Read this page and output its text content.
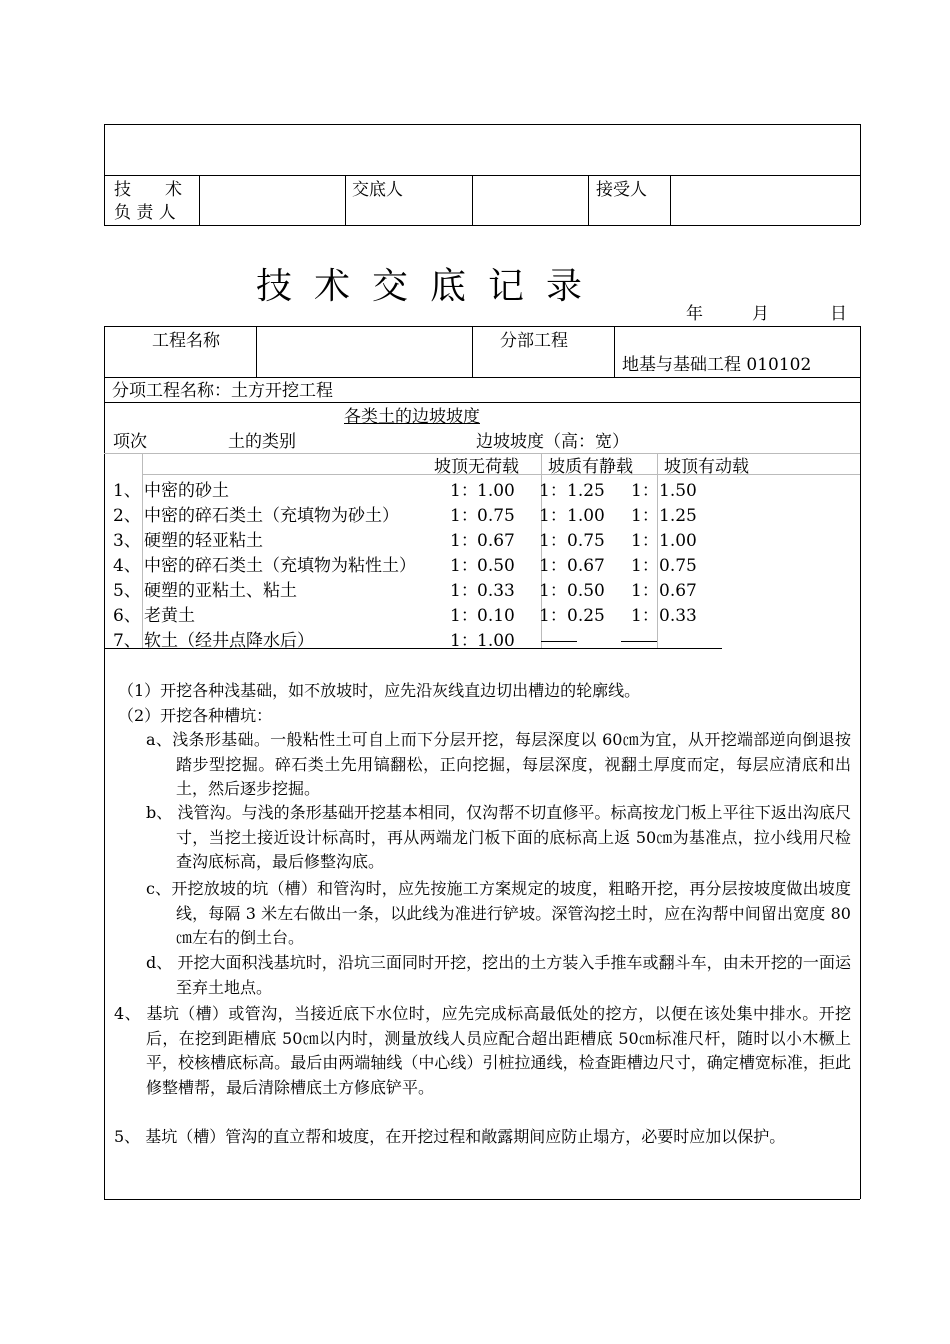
技　　术
负 责 人
交底人	接受人
技术交底记录
年	月	日
工程名称	分部工程
地基与基础工程 010102
分项工程名称：土方开挖工程
各类土的边坡坡度
项次	土的类别	边坡坡度（高：宽）
坡顶无荷载 坡质有静载 坡顶有动载
1、 中密的砂土	1： 1.00 1： 1.25 1： 1.50
2、 中密的碎石类土（充填物为砂土）	1： 0.75 1： 1.00 1： 1.25
3、 硬塑的轻亚粘土	1： 0.67 1： 0.75 1： 1.00
4、 中密的碎石类土（充填物为粘性土） 1： 0.50 1： 0.67 1： 0.75
5、 硬塑的亚粘土、粘土	1： 0.33 1： 0.50 1： 0.67
6、 老黄土	1： 0.10 1： 0.25 1： 0.33
7、 软土（经井点降水后）	1： 1.00
（1）开挖各种浅基础，如不放坡时，应先沿灰线直边切出槽边的轮廓线。
（2）开挖各种槽坑：
a、浅条形基础。一般粘性土可自上而下分层开挖，每层深度以 60㎝为宜，从开挖端部逆向倒退按踏步型挖掘。碎石类土先用镐翻松，正向挖掘，每层深度，视翻土厚度而定，每层应清底和出土，然后逐步挖掘。
b、 浅管沟。与浅的条形基础开挖基本相同，仅沟帮不切直修平。标高按龙门板上平往下返出沟底尺寸，当挖土接近设计标高时，再从两端龙门板下面的底标高上返 50㎝为基准点，拉小线用尺检查沟底标高，最后修整沟底。
c、开挖放坡的坑（槽）和管沟时，应先按施工方案规定的坡度，粗略开挖，再分层按坡度做出坡度线，每隔 3 米左右做出一条，以此线为准进行铲坡。深管沟挖土时，应在沟帮中间留出宽度 80㎝左右的倒土台。
d、 开挖大面积浅基坑时，沿坑三面同时开挖，挖出的土方装入手推车或翻斗车，由未开挖的一面运至弃土地点。
4、 基坑（槽）或管沟，当接近底下水位时，应先完成标高最低处的挖方，以便在该处集中排水。开挖后，在挖到距槽底 50㎝以内时，测量放线人员应配合超出距槽底 50㎝标准尺杆，随时以小木橛上平，校核槽底标高。最后由两端轴线（中心线）引桩拉通线，检查距槽边尺寸，确定槽宽标准，拒此修整槽帮，最后清除槽底土方修底铲平。
5、 基坑（槽）管沟的直立帮和坡度，在开挖过程和敞露期间应防止塌方，必要时应加以保护。
